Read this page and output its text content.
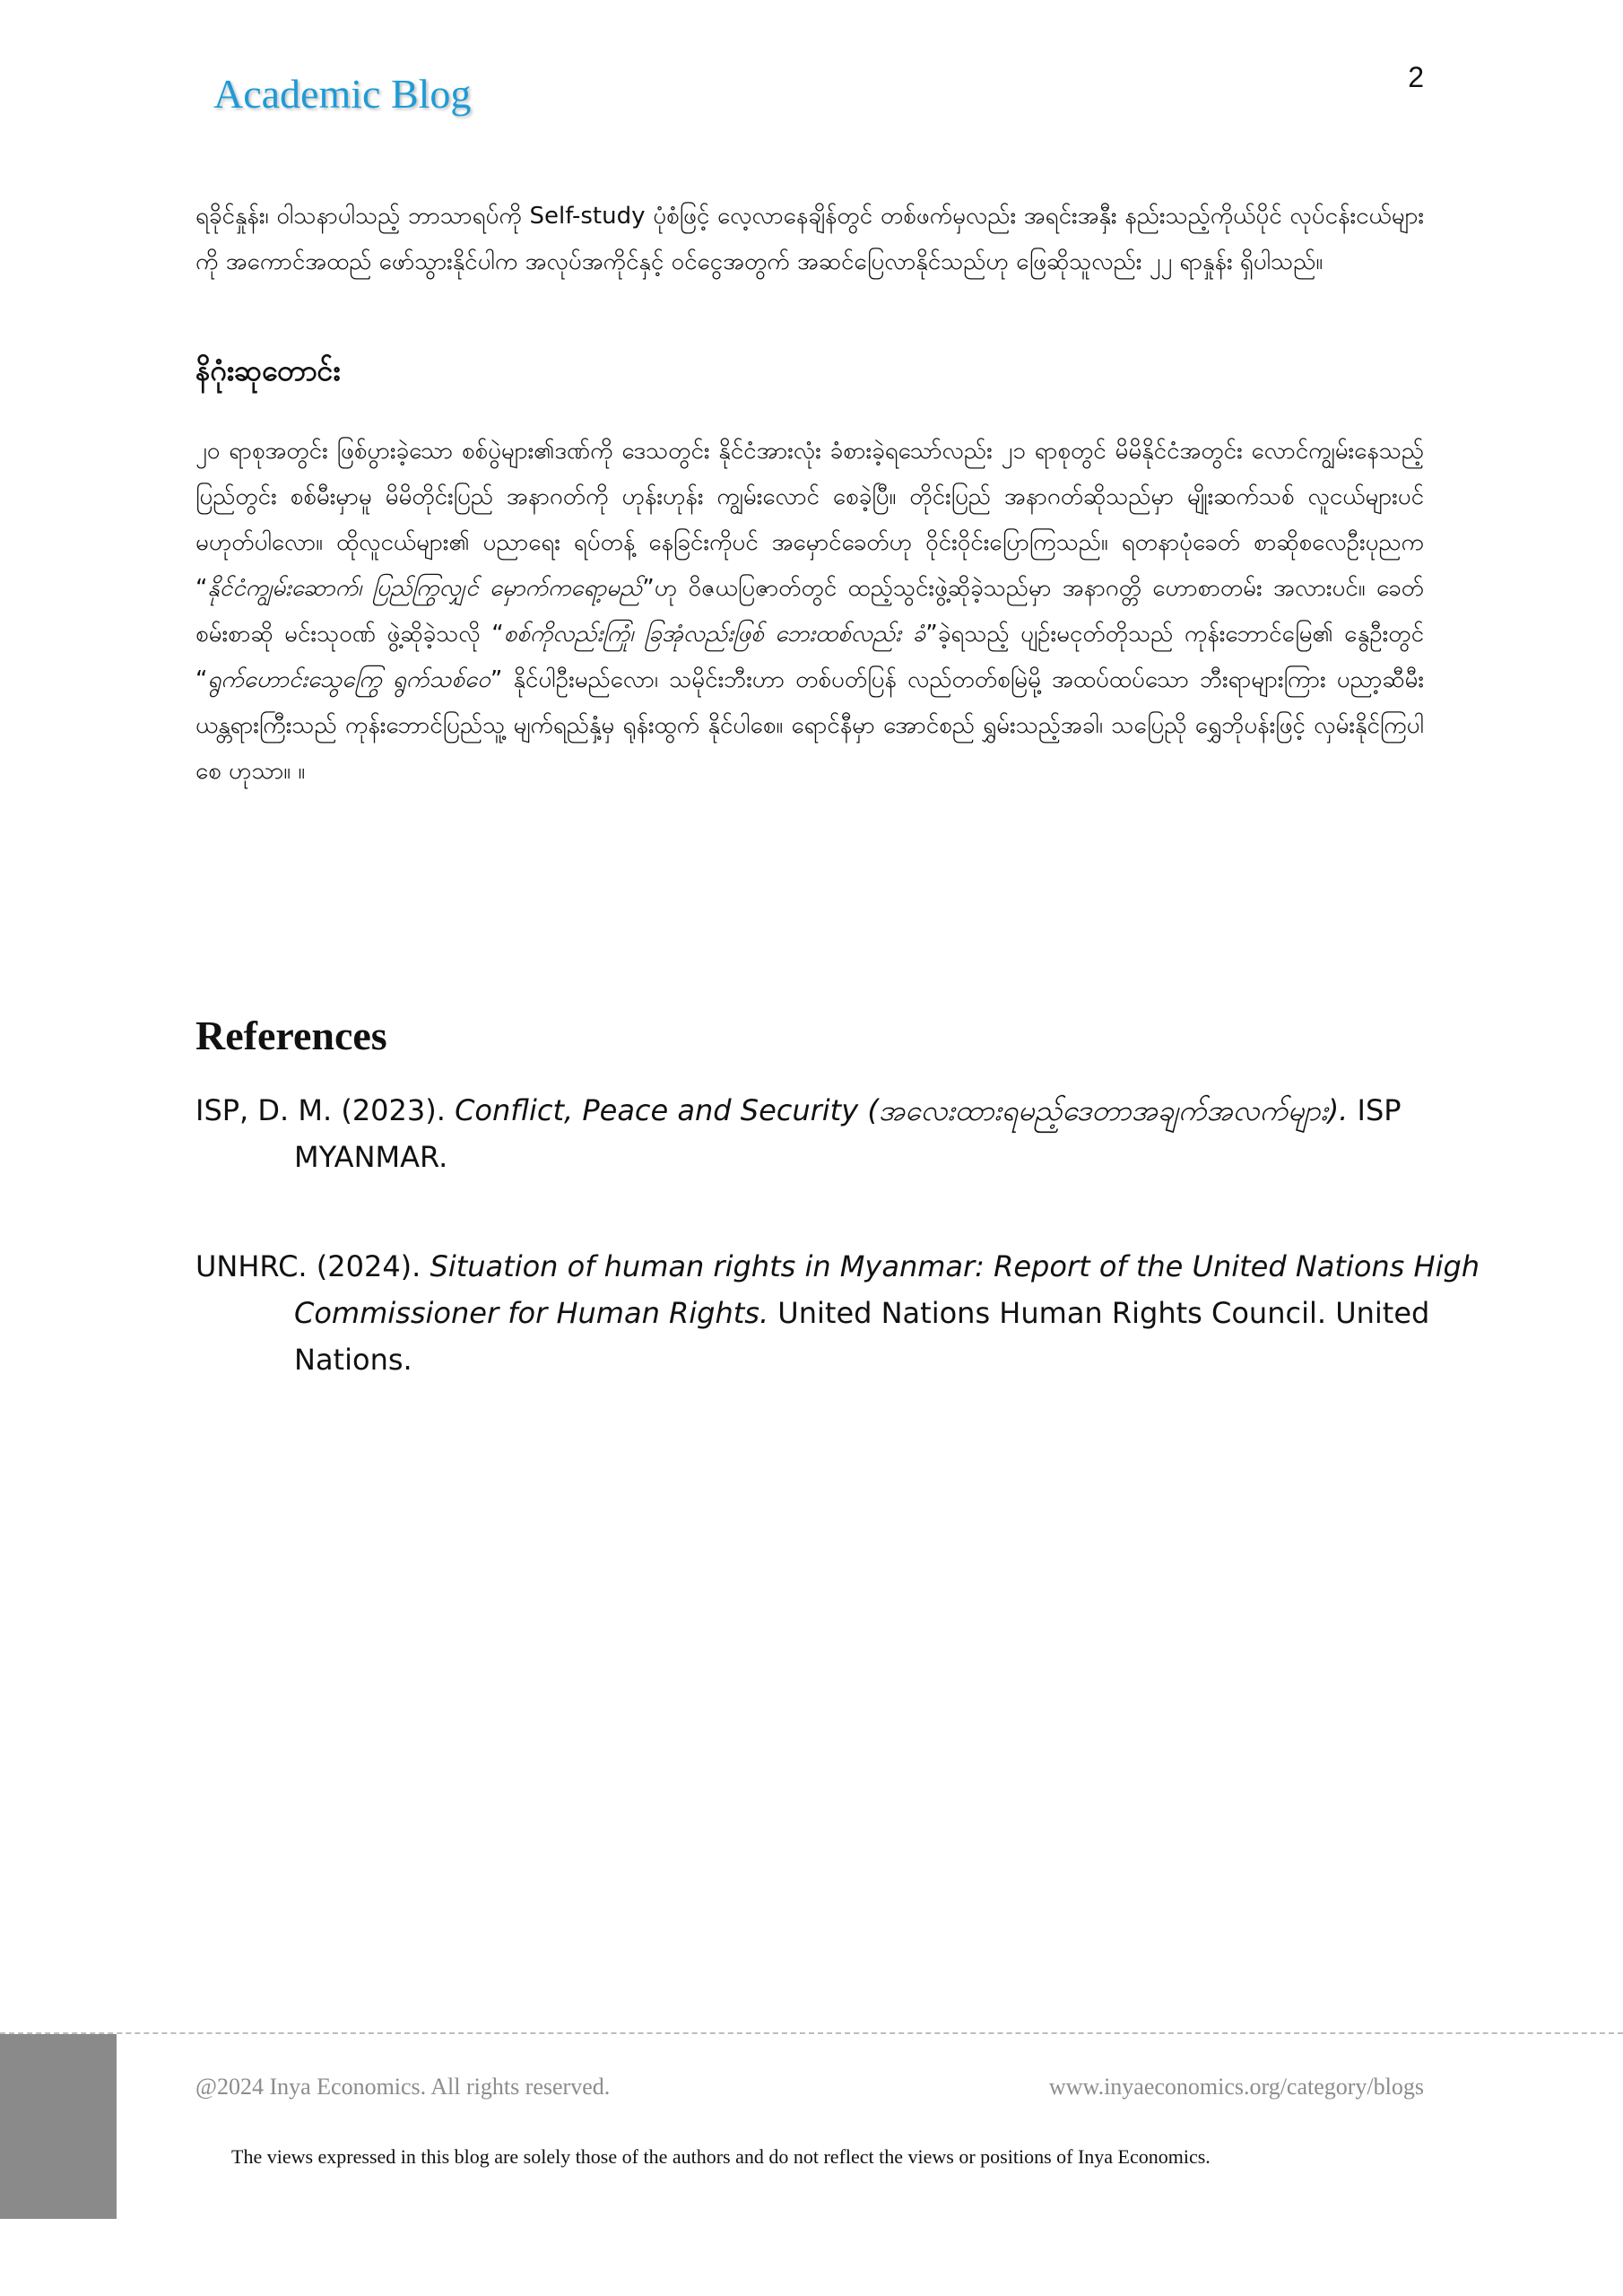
Academic Blog	2

ရခိုင်နှုန်း၊ ဝါသနာပါသည့် ဘာသာရပ်ကို Self-study ပုံစံဖြင့် လေ့လာနေချိန်တွင် တစ်ဖက်မှလည်း အရင်းအနှီး နည်းသည့်ကိုယ်ပိုင် လုပ်ငန်းငယ်များကို အကောင်အထည် ဖော်သွားနိုင်ပါက အလုပ်အကိုင်နှင့် ဝင်ငွေအတွက် အဆင်ပြေလာနိုင်သည်ဟု ဖြေဆိုသူလည်း ၂၂ ရာနှုန်း ရှိပါသည်။

နိဂုံးဆုတောင်း

၂၀ ရာစုအတွင်း ဖြစ်ပွားခဲ့သော စစ်ပွဲများ၏ဒဏ်ကို ဒေသတွင်း နိုင်ငံအားလုံး ခံစားခဲ့ရသော်လည်း ၂၁ ရာစုတွင် မိမိနိုင်ငံအတွင်း လောင်ကျွမ်းနေသည့် ပြည်တွင်း စစ်မီးမှာမူ မိမိတိုင်းပြည် အနာဂတ်ကို ဟုန်းဟုန်း ကျွမ်းလောင် စေခဲ့ပြီ။ တိုင်းပြည် အနာဂတ်ဆိုသည်မှာ မျိုးဆက်သစ် လူငယ်များပင် မဟုတ်ပါလော။ ထိုလူငယ်များ၏ ပညာရေး ရပ်တန့် နေခြင်းကိုပင် အမှောင်ခေတ်ဟု ဝိုင်းဝိုင်းပြောကြသည်။ ရတနာပုံခေတ် စာဆိုစလေဦးပုညက “နိုင်ငံကျွမ်းဆောက်၊ ပြည်ကြွလျှင် မှောက်ကရော့မည်”ဟု ဝိဇယပြဇာတ်တွင် ထည့်သွင်းဖွဲ့ဆိုခဲ့သည်မှာ အနာဂတ္တိ ဟောစာတမ်း အလားပင်။ ခေတ်စမ်းစာဆို မင်းသုဝဏ် ဖွဲ့ဆိုခဲ့သလို “စစ်ကိုလည်းကြုံ၊ ခြအုံလည်းဖြစ် ဘေးထစ်လည်း ခံ”ခဲ့ရသည့် ပျဉ်းမငုတ်တိုသည် ကုန်းဘောင်မြေ၏ နွေဦးတွင် “ရွက်ဟောင်းသွေကြွေ ရွက်သစ်ဝေ” နိုင်ပါဦးမည်လော၊ သမိုင်းဘီးဟာ တစ်ပတ်ပြန် လည်တတ်စမြဲမို့ အထပ်ထပ်သော ဘီးရာများကြား ပညာ့ဆီမီး ယန္တရားကြီးသည် ကုန်းဘောင်ပြည်သူ့ မျက်ရည်နှံ့မှ ရုန်းထွက် နိုင်ပါစေ။ ရောင်နီမှာ အောင်စည် ရွှမ်းသည့်အခါ၊ သပြေညို ရွှေဘိုပန်းဖြင့် လှမ်းနိုင်ကြပါစေ ဟုသာ။ ။

References

ISP, D. M. (2023). Conflict, Peace and Security (အလေးထားရမည့်ဒေတာအချက်အလက်များ). ISP MYANMAR.

UNHRC. (2024). Situation of human rights in Myanmar: Report of the United Nations High Commissioner for Human Rights. United Nations Human Rights Council. United Nations.

@2024 Inya Economics. All rights reserved.	www.inyaeconomics.org/category/blogs
The views expressed in this blog are solely those of the authors and do not reflect the views or positions of Inya Economics.
